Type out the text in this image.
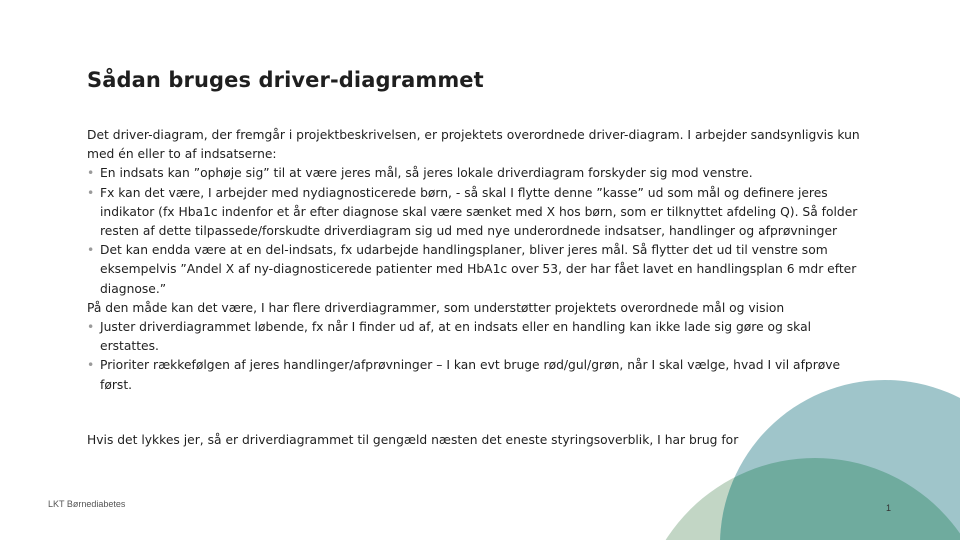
Sådan bruges driver-diagrammet

Det driver-diagram, der fremgår i projektbeskrivelsen, er projektets overordnede driver-diagram. I arbejder sandsynligvis kun med én eller to af indsatserne:

• En indsats kan ”ophøje sig” til at være jeres mål, så jeres lokale driverdiagram forskyder sig mod venstre.
• Fx kan det være, I arbejder med nydiagnosticerede børn, - så skal I flytte denne ”kasse” ud som mål og definere jeres indikator (fx Hba1c indenfor et år efter diagnose skal være sænket med X hos børn, som er tilknyttet afdeling Q). Så folder resten af dette tilpassede/forskudte driverdiagram sig ud med nye underordnede indsatser, handlinger og afprøvninger
• Det kan endda være at en del-indsats, fx udarbejde handlingsplaner, bliver jeres mål. Så flytter det ud til venstre som eksempelvis ”Andel X af ny-diagnosticerede patienter med HbA1c over 53, der har fået lavet en handlingsplan 6 mdr efter diagnose.”

På den måde kan det være, I har flere driverdiagrammer, som understøtter projektets overordnede mål og vision

• Juster driverdiagrammet løbende, fx når I finder ud af, at en indsats eller en handling kan ikke lade sig gøre og skal erstattes.
• Prioriter rækkefølgen af jeres handlinger/afprøvninger – I kan evt bruge rød/gul/grøn, når I skal vælge, hvad I vil afprøve først.

Hvis det lykkes jer, så er driverdiagrammet til gengæld næsten det eneste styringsoverblik, I har brug for

LKT Børnediabetes	1
